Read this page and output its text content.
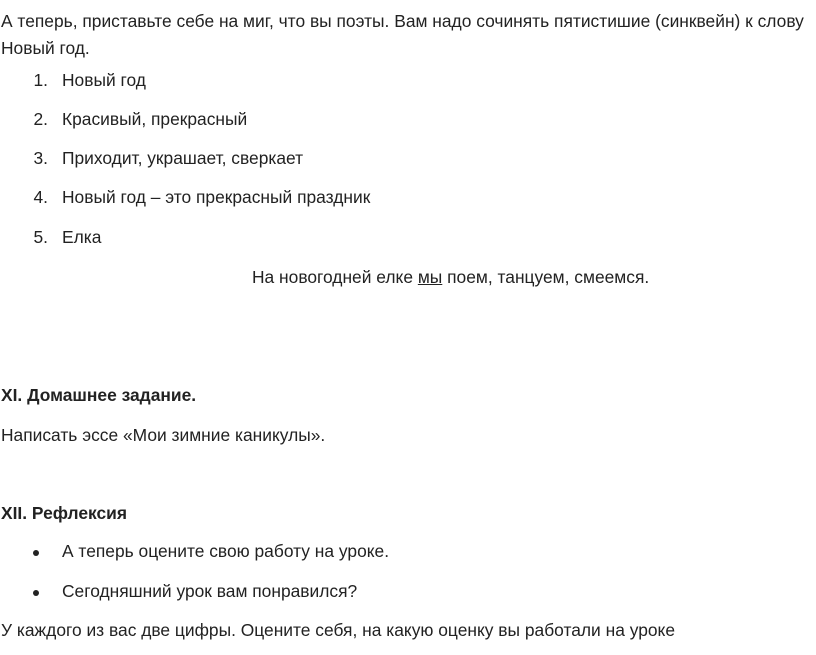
А теперь, приставьте себе на миг, что вы поэты. Вам надо сочинять пятистишие (синквейн) к слову Новый год.
1. Новый год
2. Красивый, прекрасный
3. Приходит, украшает, сверкает
4. Новый год – это прекрасный праздник
5. Елка
На новогодней елке мы поем, танцуем, смеемся.
XI. Домашнее задание.
Написать эссе «Мои зимние каникулы».
XII. Рефлексия
А теперь оцените свою работу на уроке.
Сегодняшний урок вам понравился?
У каждого из вас две цифры. Оцените себя, на какую оценку вы работали на уроке
